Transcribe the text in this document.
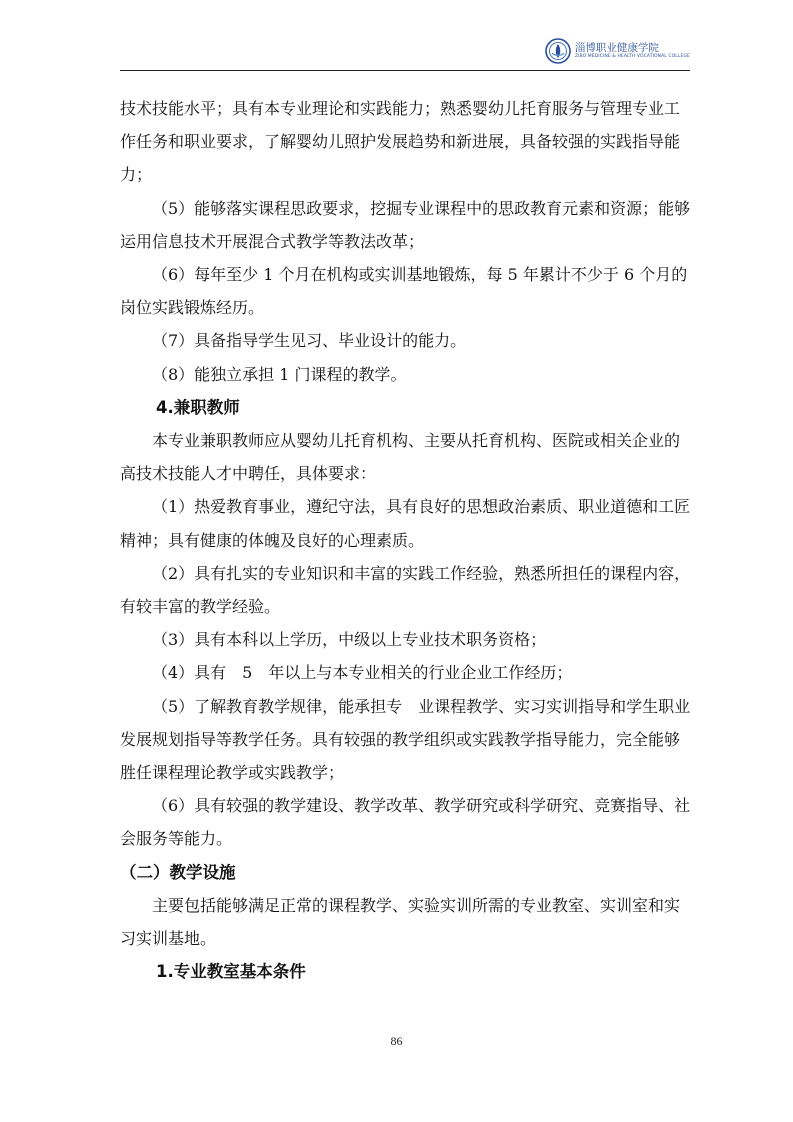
淄博职业健康学院
ZIBO MEDICINE & HEALTH VOCATIONAL COLLEGE

技术技能水平；具有本专业理论和实践能力；熟悉婴幼儿托育服务与管理专业工作任务和职业要求，了解婴幼儿照护发展趋势和新进展，具备较强的实践指导能力；

（5）能够落实课程思政要求，挖掘专业课程中的思政教育元素和资源；能够运用信息技术开展混合式教学等教法改革；

（6）每年至少 1 个月在机构或实训基地锻炼，每 5 年累计不少于 6 个月的岗位实践锻炼经历。

（7）具备指导学生见习、毕业设计的能力。

（8）能独立承担 1 门课程的教学。

4.兼职教师

本专业兼职教师应从婴幼儿托育机构、主要从托育机构、医院或相关企业的高技术技能人才中聘任，具体要求：

（1）热爱教育事业，遵纪守法，具有良好的思想政治素质、职业道德和工匠精神；具有健康的体魄及良好的心理素质。

（2）具有扎实的专业知识和丰富的实践工作经验，熟悉所担任的课程内容，有较丰富的教学经验。

（3）具有本科以上学历，中级以上专业技术职务资格；

（4）具有　5　年以上与本专业相关的行业企业工作经历；

（5）了解教育教学规律，能承担专　业课程教学、实习实训指导和学生职业发展规划指导等教学任务。具有较强的教学组织或实践教学指导能力，完全能够胜任课程理论教学或实践教学；

（6）具有较强的教学建设、教学改革、教学研究或科学研究、竞赛指导、社会服务等能力。

（二）教学设施

主要包括能够满足正常的课程教学、实验实训所需的专业教室、实训室和实习实训基地。

1.专业教室基本条件

86
